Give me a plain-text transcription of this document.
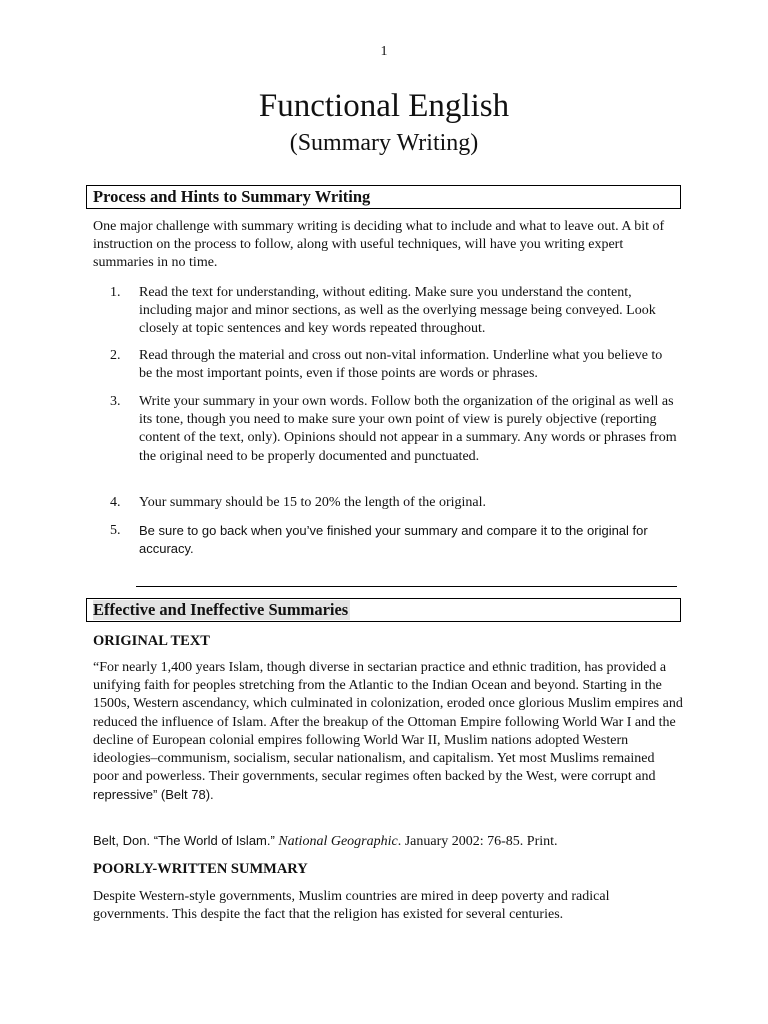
1
Functional English
(Summary Writing)
Process and Hints to Summary Writing
One major challenge with summary writing is deciding what to include and what to leave out. A bit of instruction on the process to follow, along with useful techniques, will have you writing expert summaries in no time.
1.	Read the text for understanding, without editing. Make sure you understand the content, including major and minor sections, as well as the overlying message being conveyed. Look closely at topic sentences and key words repeated throughout.
2.	Read through the material and cross out non-vital information. Underline what you believe to be the most important points, even if those points are words or phrases.
3.	Write your summary in your own words. Follow both the organization of the original as well as its tone, though you need to make sure your own point of view is purely objective (reporting content of the text, only). Opinions should not appear in a summary. Any words or phrases from the original need to be properly documented and punctuated.
4.	Your summary should be 15 to 20% the length of the original.
5.	Be sure to go back when you’ve finished your summary and compare it to the original for accuracy.
Effective and Ineffective Summaries
ORIGINAL TEXT
“For nearly 1,400 years Islam, though diverse in sectarian practice and ethnic tradition, has provided a unifying faith for peoples stretching from the Atlantic to the Indian Ocean and beyond. Starting in the 1500s, Western ascendancy, which culminated in colonization, eroded once glorious Muslim empires and reduced the influence of Islam. After the breakup of the Ottoman Empire following World War I and the decline of European colonial empires following World War II, Muslim nations adopted Western ideologies–communism, socialism, secular nationalism, and capitalism. Yet most Muslims remained poor and powerless. Their governments, secular regimes often backed by the West, were corrupt and
repressive” (Belt 78).
Belt, Don. “The World of Islam.” National Geographic. January 2002: 76-85. Print.
POORLY-WRITTEN SUMMARY
Despite Western-style governments, Muslim countries are mired in deep poverty and radical governments. This despite the fact that the religion has existed for several centuries.
